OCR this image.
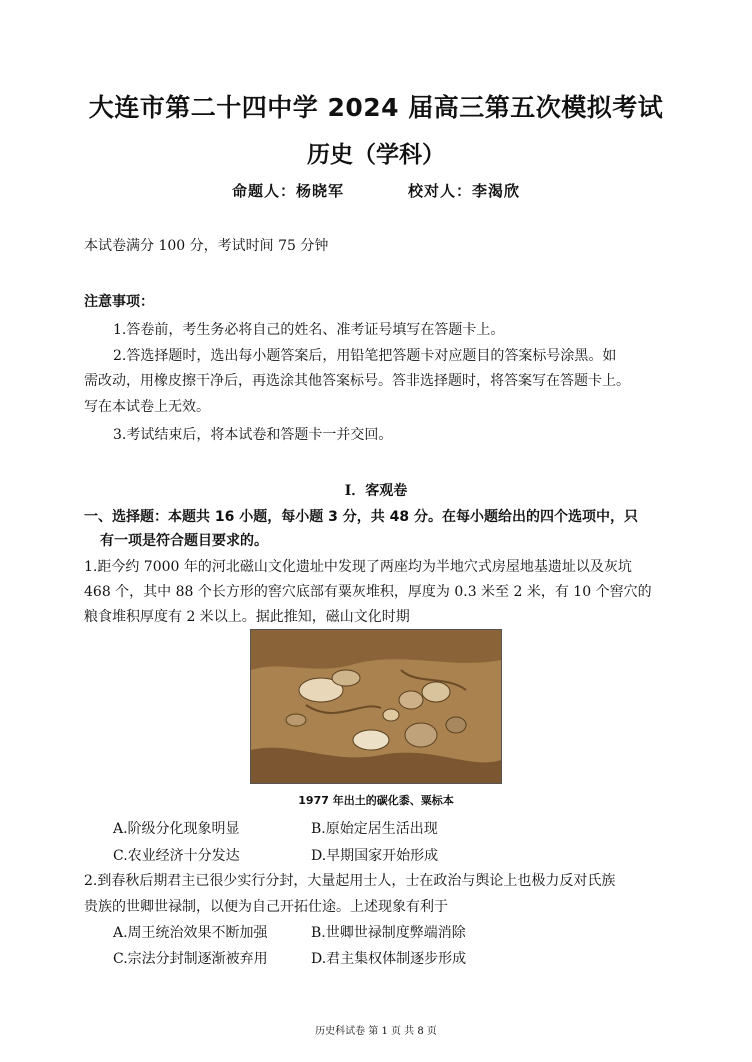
大连市第二十四中学 2024 届高三第五次模拟考试
历史（学科）
命题人：杨晓军	校对人：李渴欣
本试卷满分 100 分，考试时间 75 分钟
注意事项：
1.答卷前，考生务必将自己的姓名、准考证号填写在答题卡上。
2.答选择题时，选出每小题答案后，用铅笔把答题卡对应题目的答案标号涂黑。如
需改动，用橡皮擦干净后，再选涂其他答案标号。答非选择题时，将答案写在答题卡上。
写在本试卷上无效。
3.考试结束后，将本试卷和答题卡一并交回。
I．客观卷
一、选择题：本题共 16 小题，每小题 3 分，共 48 分。在每小题给出的四个选项中，只
有一项是符合题目要求的。
1.距今约 7000 年的河北磁山文化遗址中发现了两座均为半地穴式房屋地基遗址以及灰坑
468 个，其中 88 个长方形的窖穴底部有粟灰堆积，厚度为 0.3 米至 2 米，有 10 个窖穴的
粮食堆积厚度有 2 米以上。据此推知，磁山文化时期
1977 年出土的碳化黍、粟标本
A.阶级分化现象明显	B.原始定居生活出现
C.农业经济十分发达	D.早期国家开始形成
2.到春秋后期君主已很少实行分封，大量起用士人，士在政治与舆论上也极力反对氏族
贵族的世卿世禄制，以便为自己开拓仕途。上述现象有利于
A.周王统治效果不断加强	B.世卿世禄制度弊端消除
C.宗法分封制逐渐被弃用	D.君主集权体制逐步形成
历史科试卷 第 1 页 共 8 页
